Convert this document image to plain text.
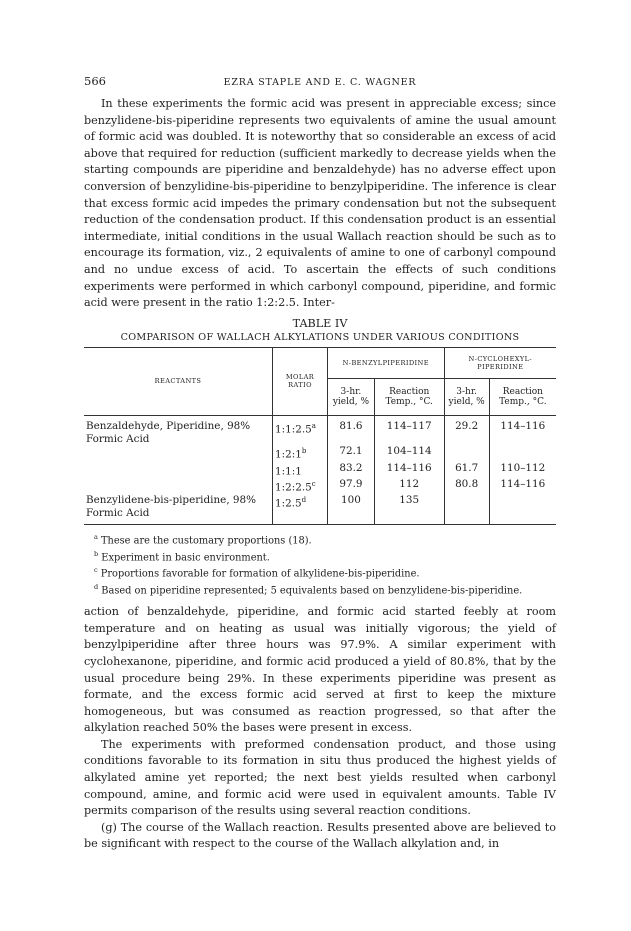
566	EZRA STAPLE AND E. C. WAGNER

In these experiments the formic acid was present in appreciable excess; since benzylidene-bis-piperidine represents two equivalents of amine the usual amount of formic acid was doubled. It is noteworthy that so considerable an excess of acid above that required for reduction (sufficient markedly to decrease yields when the starting compounds are piperidine and benzaldehyde) has no adverse effect upon conversion of benzylidine-bis-piperidine to benzylpiperidine. The inference is clear that excess formic acid impedes the primary condensation but not the subsequent reduction of the condensation product. If this condensation product is an essential intermediate, initial conditions in the usual Wallach reaction should be such as to encourage its formation, viz., 2 equivalents of amine to one of carbonyl compound and no undue excess of acid. To ascertain the effects of such conditions experiments were performed in which carbonyl compound, piperidine, and formic acid were present in the ratio 1:2:2.5. Inter-

TABLE IV
COMPARISON OF WALLACH ALKYLATIONS UNDER VARIOUS CONDITIONS
REACTANTS	MOLAR RATIO	N-BENZYLPIPERIDINE		N-CYCLOHEXYL-PIPERIDINE	
		3-hr. yield, %	Reaction Temp., °C.	3-hr. yield, %	Reaction Temp., °C.
Benzaldehyde, Piperidine, 98% Formic Acid	1:1:2.5$^a$	81.6	114–117	29.2	114–116
	1:2:1$^b$	72.1	104–114		
	1:1:1	83.2	114–116	61.7	110–112
	1:2:2.5$^c$	97.9	112	80.8	114–116
Benzylidene-bis-piperidine, 98% Formic Acid	1:2.5$^d$	100	135		
$^a$ These are the customary proportions (18).
$^b$ Experiment in basic environment.
$^c$ Proportions favorable for formation of alkylidene-bis-piperidine.
$^d$ Based on piperidine represented; 5 equivalents based on benzylidene-bis-piperidine.

action of benzaldehyde, piperidine, and formic acid started feebly at room temperature and on heating as usual was initially vigorous; the yield of benzylpiperidine after three hours was 97.9%. A similar experiment with cyclohexanone, piperidine, and formic acid produced a yield of 80.8%, that by the usual procedure being 29%. In these experiments piperidine was present as formate, and the excess formic acid served at first to keep the mixture homogeneous, but was consumed as reaction progressed, so that after the alkylation reached 50% the bases were present in excess.

The experiments with preformed condensation product, and those using conditions favorable to its formation in situ thus produced the highest yields of alkylated amine yet reported; the next best yields resulted when carbonyl compound, amine, and formic acid were used in equivalent amounts. Table IV permits comparison of the results using several reaction conditions.

(g) The course of the Wallach reaction. Results presented above are believed to be significant with respect to the course of the Wallach alkylation and, in
